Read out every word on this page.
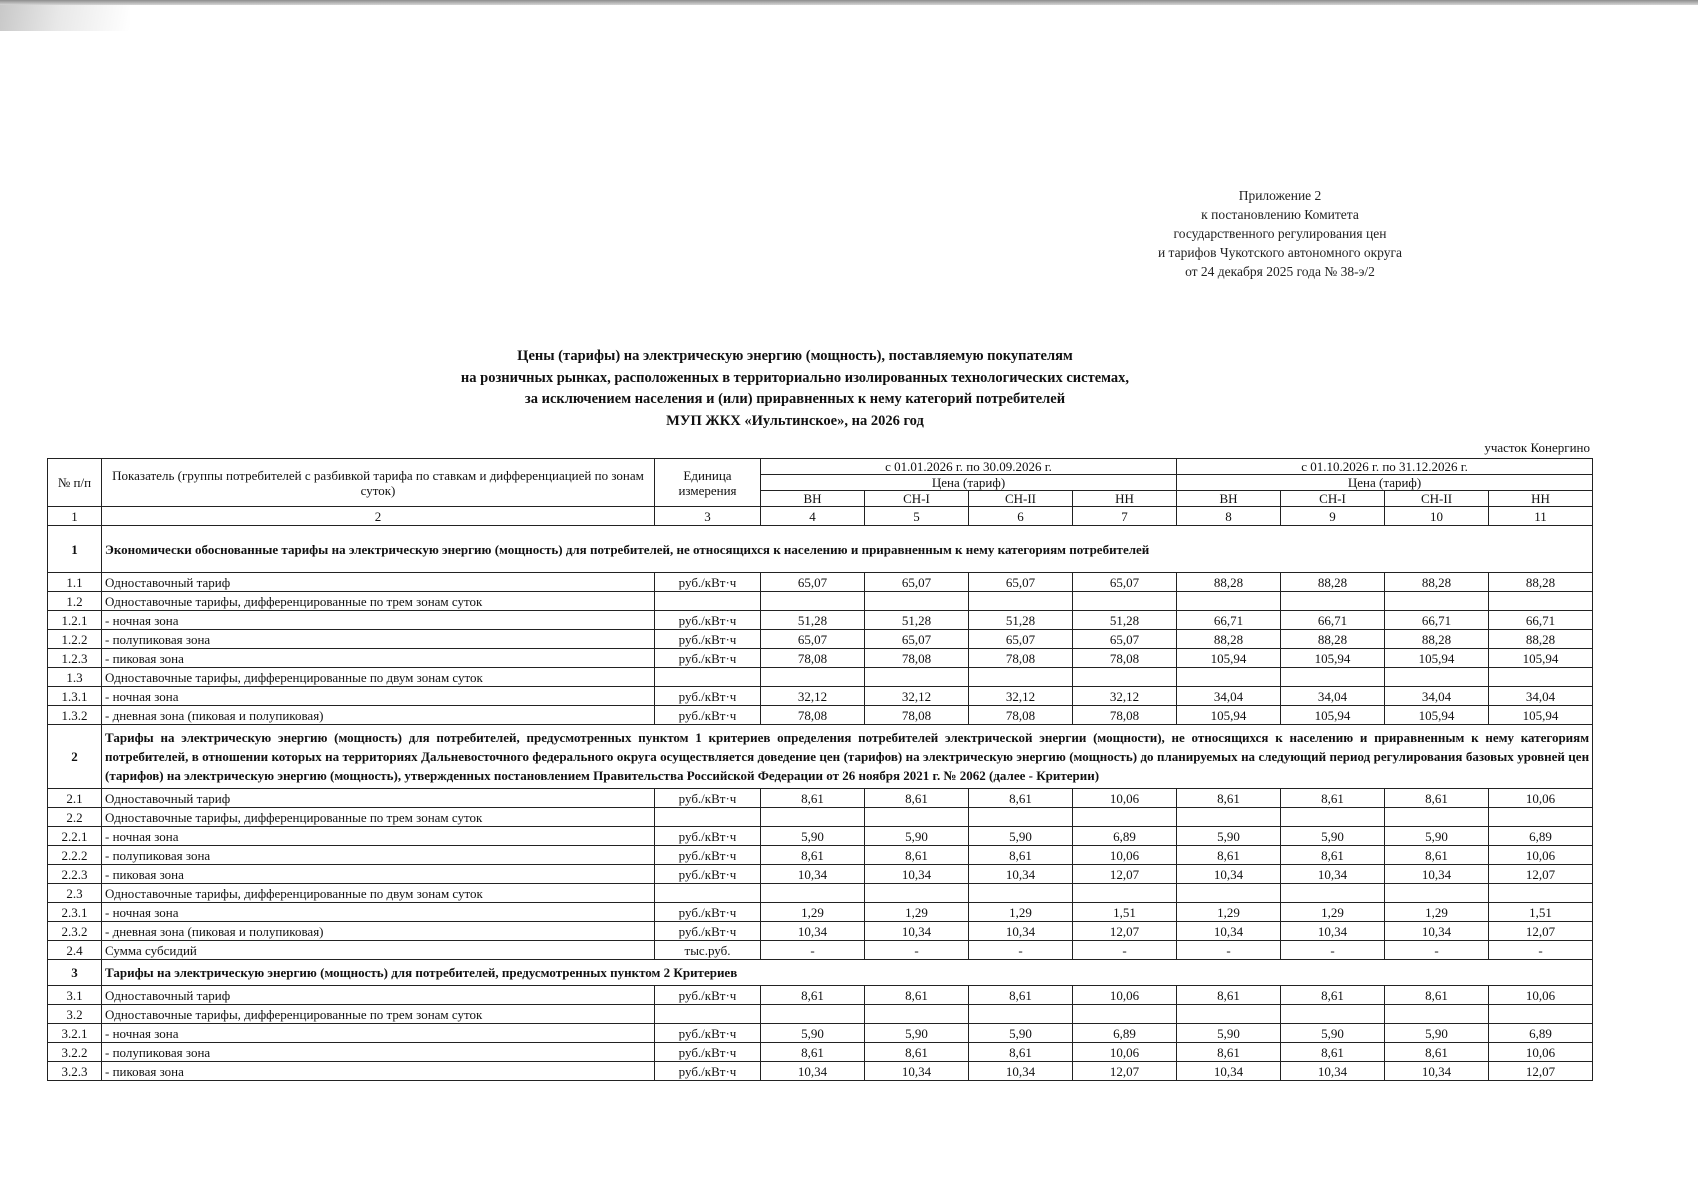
Приложение 2
к постановлению Комитета
государственного регулирования цен
и тарифов Чукотского автономного округа
от 24 декабря 2025 года № 38-э/2
Цены (тарифы) на электрическую энергию (мощность), поставляемую покупателям
на розничных рынках, расположенных в территориально изолированных технологических системах,
за исключением населения и (или) приравненных к нему категорий потребителей
МУП ЖКХ «Иультинское», на 2026 год
участок Конергино
№ п/п	Показатель (группы потребителей с разбивкой тарифа по ставкам и дифференциацией по зонам суток)	Единица измерения	с 01.01.2026 г. по 30.09.2026 г.				с 01.10.2026 г. по 31.12.2026 г.			
			Цена (тариф)				Цена (тариф)			
			ВН	СН-I	СН-II	НН	ВН	СН-I	СН-II	НН
1	2	3	4	5	6	7	8	9	10	11
1	Экономически обоснованные тарифы на электрическую энергию (мощность) для потребителей, не относящихся к населению и приравненным к нему категориям потребителей									
1.1	Одноставочный тариф	руб./кВт·ч	65,07	65,07	65,07	65,07	88,28	88,28	88,28	88,28
1.2	Одноставочные тарифы, дифференцированные по трем зонам суток									
1.2.1	- ночная зона	руб./кВт·ч	51,28	51,28	51,28	51,28	66,71	66,71	66,71	66,71
1.2.2	- полупиковая зона	руб./кВт·ч	65,07	65,07	65,07	65,07	88,28	88,28	88,28	88,28
1.2.3	- пиковая зона	руб./кВт·ч	78,08	78,08	78,08	78,08	105,94	105,94	105,94	105,94
1.3	Одноставочные тарифы, дифференцированные по двум зонам суток									
1.3.1	- ночная зона	руб./кВт·ч	32,12	32,12	32,12	32,12	34,04	34,04	34,04	34,04
1.3.2	- дневная зона (пиковая и полупиковая)	руб./кВт·ч	78,08	78,08	78,08	78,08	105,94	105,94	105,94	105,94
2	Тарифы на электрическую энергию (мощность) для потребителей, предусмотренных пунктом 1 критериев определения потребителей электрической энергии (мощности), не относящихся к населению и приравненным к нему категориям потребителей, в отношении которых на территориях Дальневосточного федерального округа осуществляется доведение цен (тарифов) на электрическую энергию (мощность) до планируемых на следующий период регулирования базовых уровней цен (тарифов) на электрическую энергию (мощность), утвержденных постановлением Правительства Российской Федерации от 26 ноября 2021 г. № 2062 (далее - Критерии)									
2.1	Одноставочный тариф	руб./кВт·ч	8,61	8,61	8,61	10,06	8,61	8,61	8,61	10,06
2.2	Одноставочные тарифы, дифференцированные по трем зонам суток									
2.2.1	- ночная зона	руб./кВт·ч	5,90	5,90	5,90	6,89	5,90	5,90	5,90	6,89
2.2.2	- полупиковая зона	руб./кВт·ч	8,61	8,61	8,61	10,06	8,61	8,61	8,61	10,06
2.2.3	- пиковая зона	руб./кВт·ч	10,34	10,34	10,34	12,07	10,34	10,34	10,34	12,07
2.3	Одноставочные тарифы, дифференцированные по двум зонам суток									
2.3.1	- ночная зона	руб./кВт·ч	1,29	1,29	1,29	1,51	1,29	1,29	1,29	1,51
2.3.2	- дневная зона (пиковая и полупиковая)	руб./кВт·ч	10,34	10,34	10,34	12,07	10,34	10,34	10,34	12,07
2.4	Сумма субсидий	тыс.руб.	-	-	-	-	-	-	-	-
3	Тарифы на электрическую энергию (мощность) для потребителей, предусмотренных пунктом 2 Критериев									
3.1	Одноставочный тариф	руб./кВт·ч	8,61	8,61	8,61	10,06	8,61	8,61	8,61	10,06
3.2	Одноставочные тарифы, дифференцированные по трем зонам суток									
3.2.1	- ночная зона	руб./кВт·ч	5,90	5,90	5,90	6,89	5,90	5,90	5,90	6,89
3.2.2	- полупиковая зона	руб./кВт·ч	8,61	8,61	8,61	10,06	8,61	8,61	8,61	10,06
3.2.3	- пиковая зона	руб./кВт·ч	10,34	10,34	10,34	12,07	10,34	10,34	10,34	12,07
